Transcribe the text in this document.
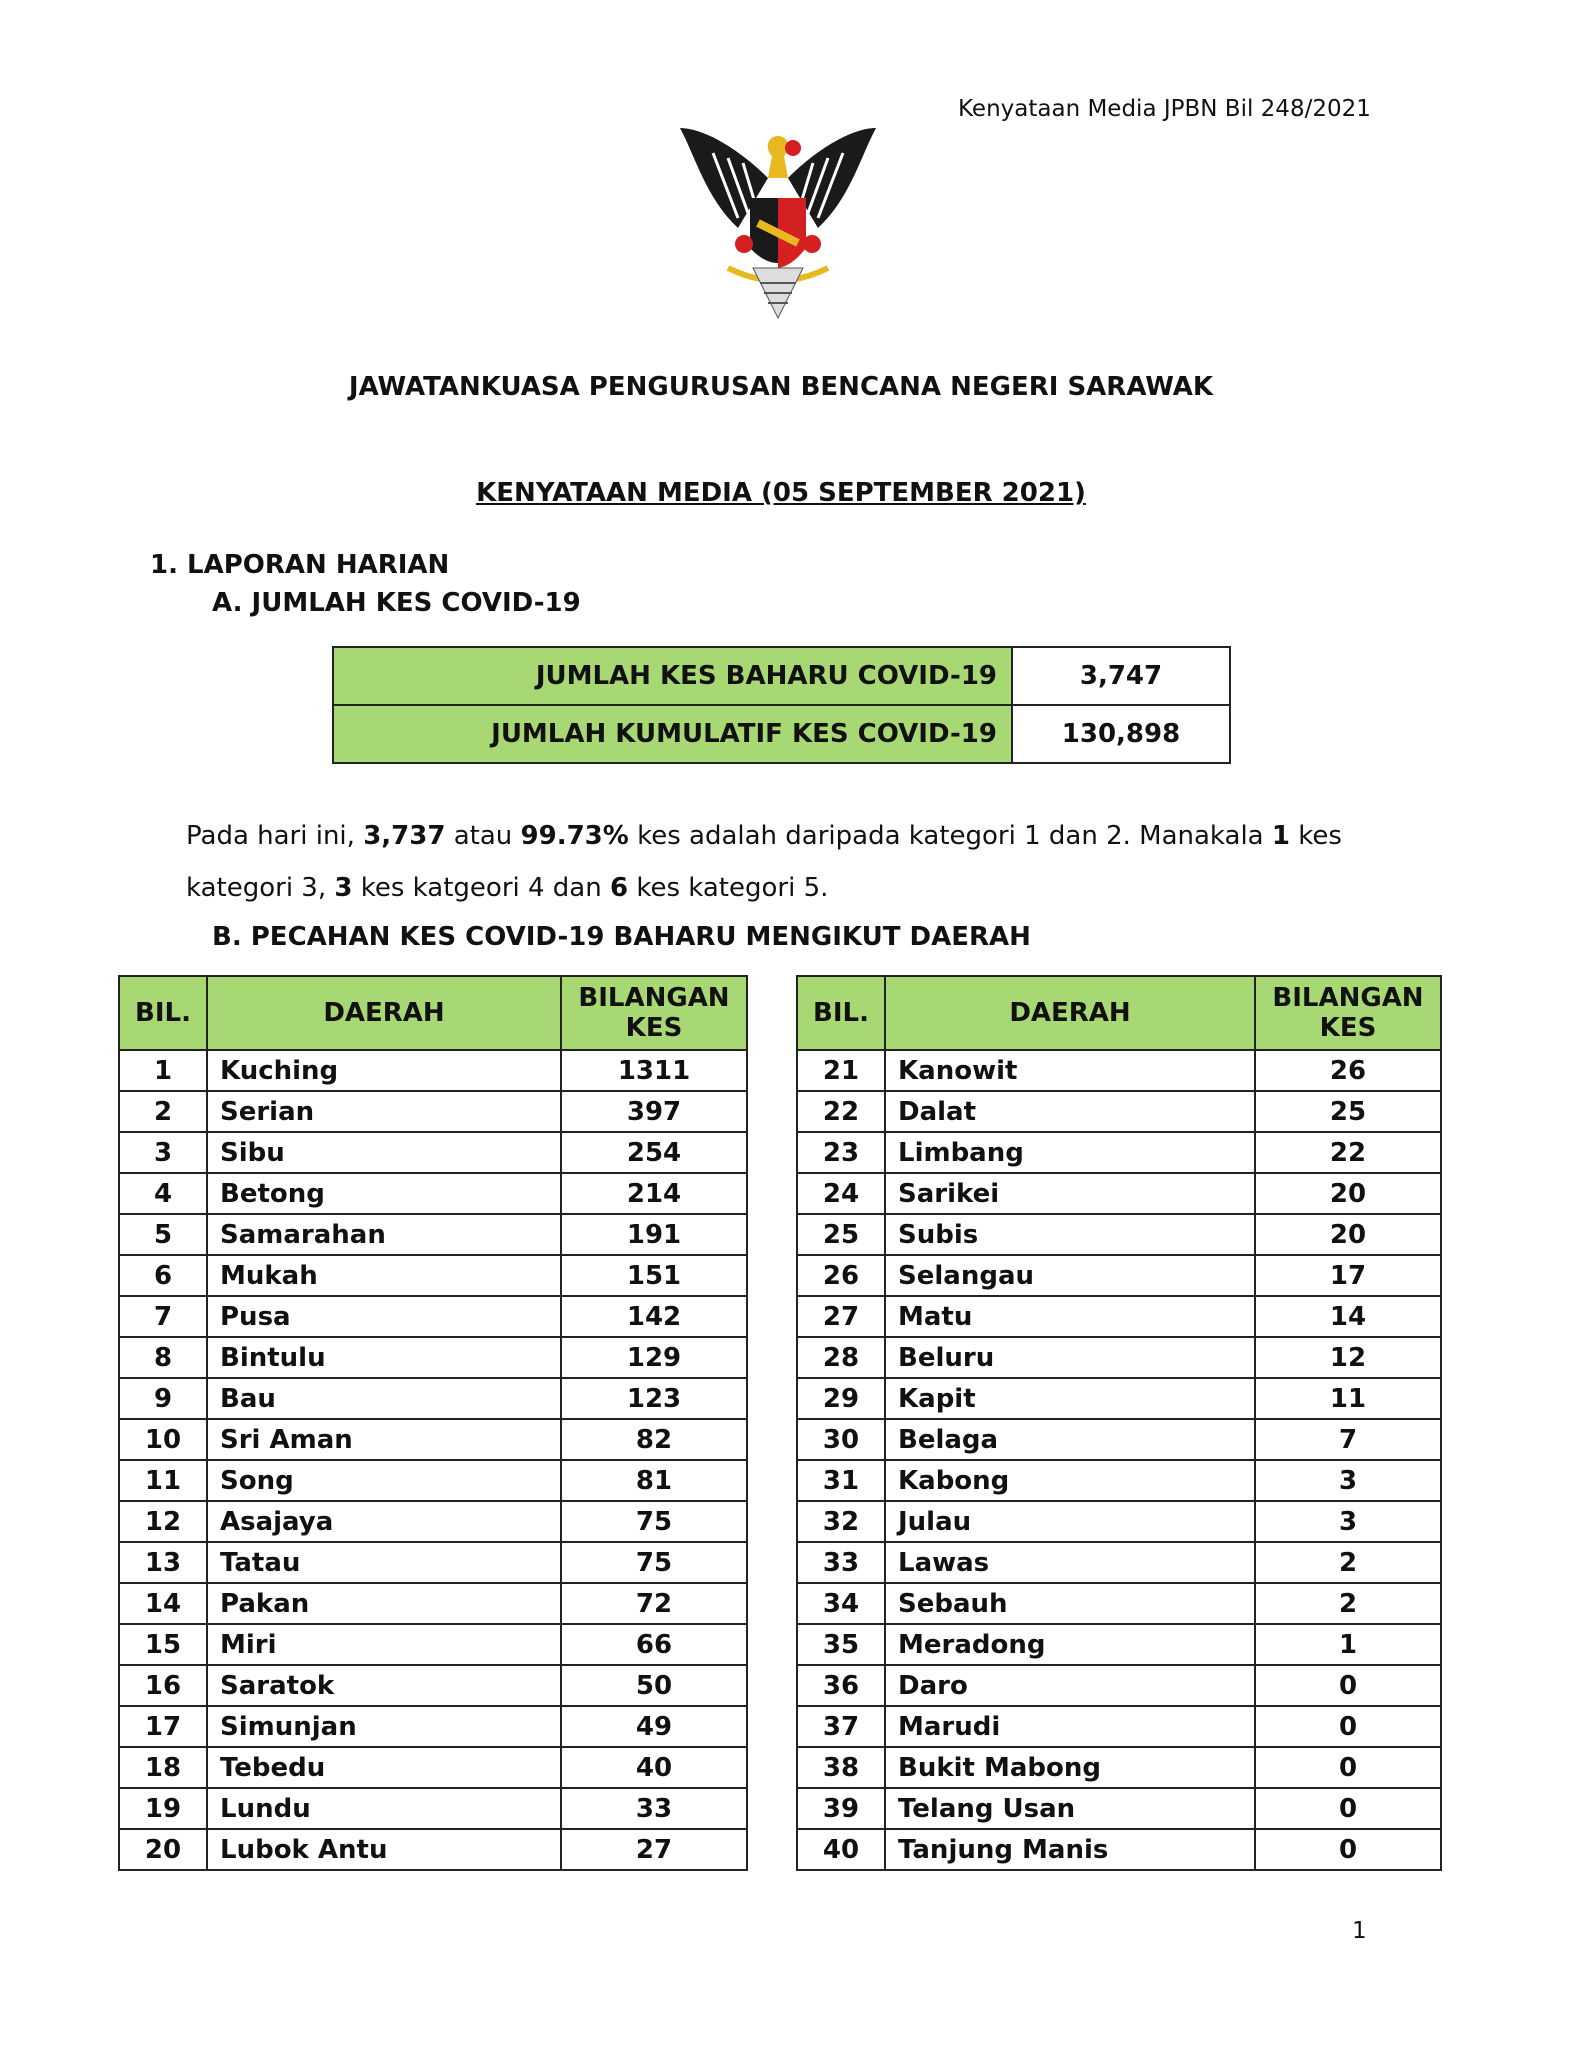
Kenyataan Media JPBN Bil 248/2021
JAWATANKUASA PENGURUSAN BENCANA NEGERI SARAWAK
KENYATAAN MEDIA (05 SEPTEMBER 2021)
1. LAPORAN HARIAN
A. JUMLAH KES COVID-19
JUMLAH KES BAHARU COVID-19	3,747
JUMLAH KUMULATIF KES COVID-19	130,898
Pada hari ini, 3,737 atau 99.73% kes adalah daripada kategori 1 dan 2. Manakala 1 kes kategori 3, 3 kes katgeori 4 dan 6 kes kategori 5.
B. PECAHAN KES COVID-19 BAHARU MENGIKUT DAERAH
BIL.	DAERAH	BILANGAN
KES
1	Kuching	1311
2	Serian	397
3	Sibu	254
4	Betong	214
5	Samarahan	191
6	Mukah	151
7	Pusa	142
8	Bintulu	129
9	Bau	123
10	Sri Aman	82
11	Song	81
12	Asajaya	75
13	Tatau	75
14	Pakan	72
15	Miri	66
16	Saratok	50
17	Simunjan	49
18	Tebedu	40
19	Lundu	33
20	Lubok Antu	27
BIL.	DAERAH	BILANGAN
KES
21	Kanowit	26
22	Dalat	25
23	Limbang	22
24	Sarikei	20
25	Subis	20
26	Selangau	17
27	Matu	14
28	Beluru	12
29	Kapit	11
30	Belaga	7
31	Kabong	3
32	Julau	3
33	Lawas	2
34	Sebauh	2
35	Meradong	1
36	Daro	0
37	Marudi	0
38	Bukit Mabong	0
39	Telang Usan	0
40	Tanjung Manis	0
1
